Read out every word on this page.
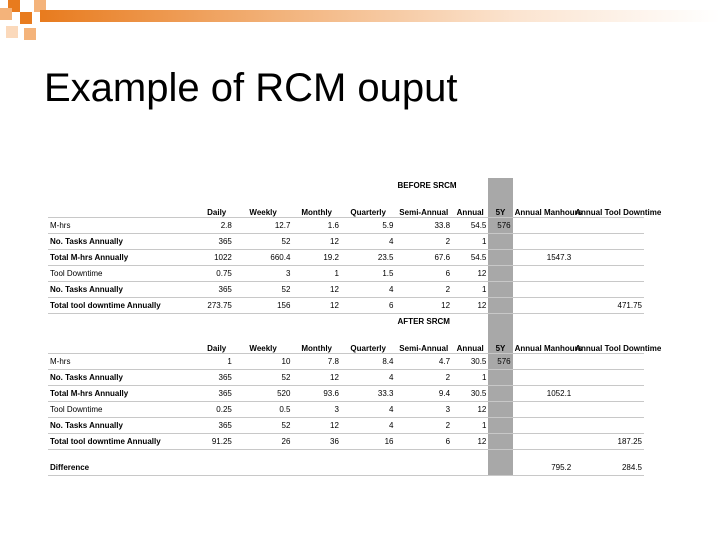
Example of RCM ouput

					BEFORE SRCM				

	Daily	Weekly	Monthly	Quarterly	Semi-Annual	Annual	5Y	Annual Manhours	Annual Tool Downtime
M-hrs	2.8	12.7	1.6	5.9	33.8	54.5	576		
No. Tasks Annually	365	52	12	4	2	1			
Total M-hrs Annually	1022	660.4	19.2	23.5	67.6	54.5		1547.3	
Tool Downtime	0.75	3	1	1.5	6	12			
No. Tasks Annually	365	52	12	4	2	1			
Total tool downtime Annually	273.75	156	12	6	12	12			471.75

					AFTER SRCM				

	Daily	Weekly	Monthly	Quarterly	Semi-Annual	Annual	5Y	Annual Manhours	Annual Tool Downtime
M-hrs	1	10	7.8	8.4	4.7	30.5	576		
No. Tasks Annually	365	52	12	4	2	1			
Total M-hrs Annually	365	520	93.6	33.3	9.4	30.5		1052.1	
Tool Downtime	0.25	0.5	3	4	3	12			
No. Tasks Annually	365	52	12	4	2	1			
Total tool downtime Annually	91.25	26	36	16	6	12			187.25

Difference								795.2	284.5
